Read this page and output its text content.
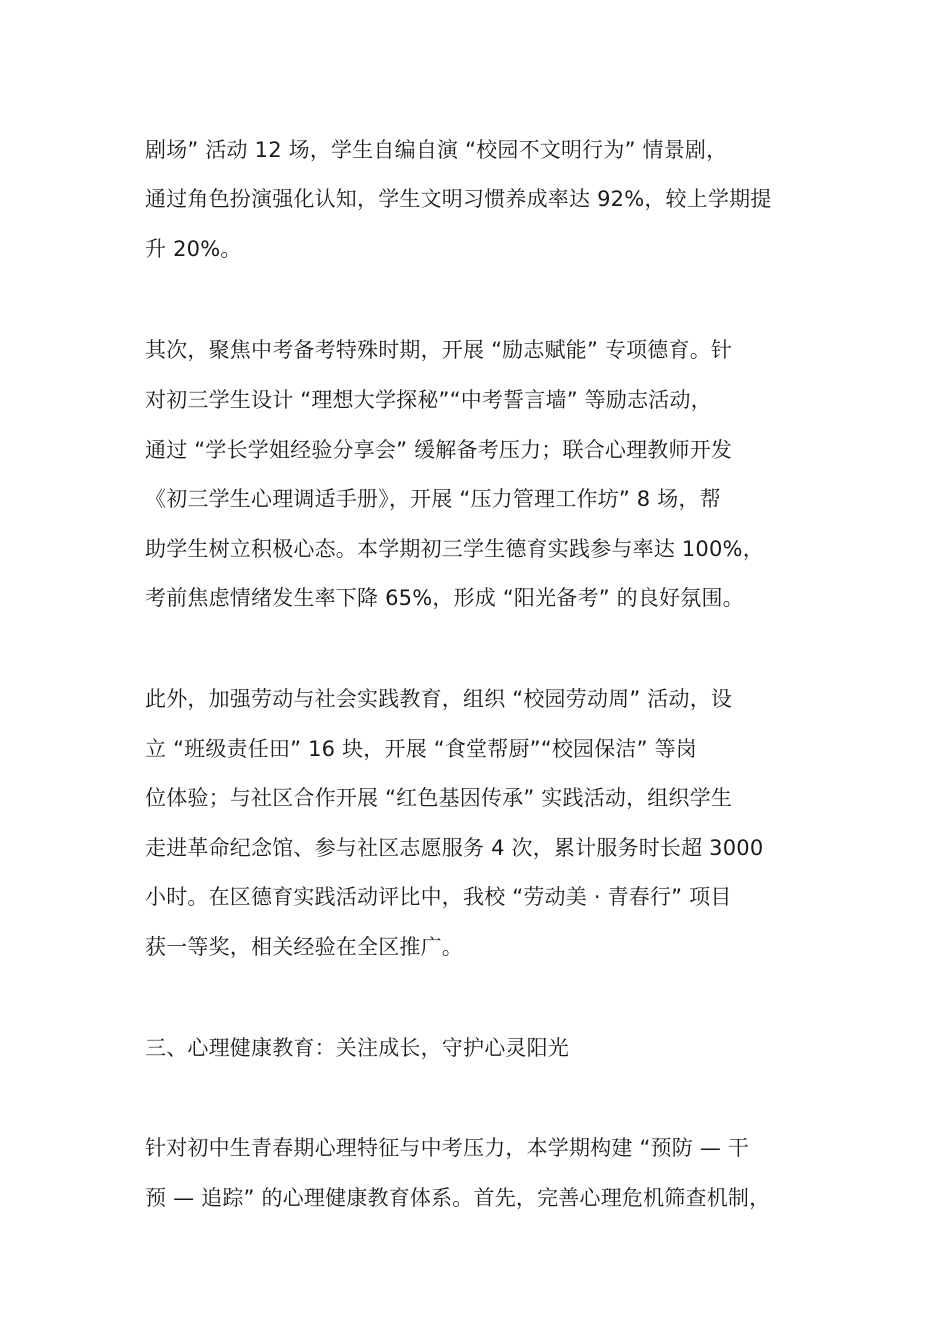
剧场” 活动 12 场，学生自编自演 “校园不文明行为” 情景剧，
通过角色扮演强化认知，学生文明习惯养成率达 92%，较上学期提
升 20%。
其次，聚焦中考备考特殊时期，开展 “励志赋能” 专项德育。针
对初三学生设计 “理想大学探秘”“中考誓言墙” 等励志活动，
通过 “学长学姐经验分享会” 缓解备考压力；联合心理教师开发
《初三学生心理调适手册》，开展 “压力管理工作坊” 8 场，帮
助学生树立积极心态。本学期初三学生德育实践参与率达 100%，
考前焦虑情绪发生率下降 65%，形成 “阳光备考” 的良好氛围。
此外，加强劳动与社会实践教育，组织 “校园劳动周” 活动，设
立 “班级责任田” 16 块，开展 “食堂帮厨”“校园保洁” 等岗
位体验；与社区合作开展 “红色基因传承” 实践活动，组织学生
走进革命纪念馆、参与社区志愿服务 4 次，累计服务时长超 3000
小时。在区德育实践活动评比中，我校 “劳动美 · 青春行” 项目
获一等奖，相关经验在全区推广。
三、心理健康教育：关注成长，守护心灵阳光
针对初中生青春期心理特征与中考压力，本学期构建 “预防 — 干
预 — 追踪” 的心理健康教育体系。首先，完善心理危机筛查机制，
